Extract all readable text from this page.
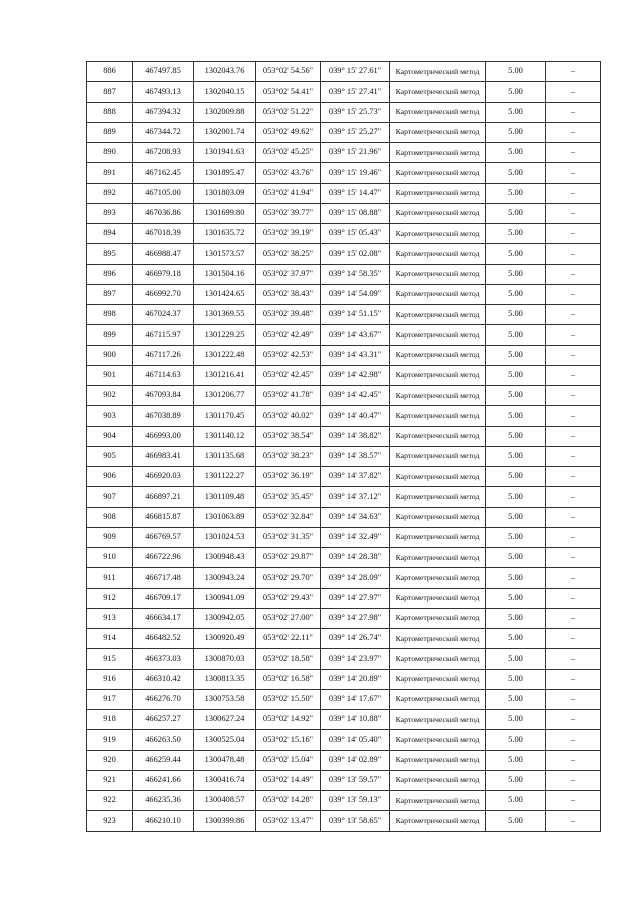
886	467497.85	1302043.76	053°02' 54.56"	039° 15' 27.61"	Картометрический метод	5.00	–
887	467493.13	1302040.15	053°02' 54.41"	039° 15' 27.41"	Картометрический метод	5.00	–
888	467394.32	1302009.88	053°02' 51.22"	039° 15' 25.73"	Картометрический метод	5.00	–
889	467344.72	1302001.74	053°02' 49.62"	039° 15' 25.27"	Картометрический метод	5.00	–
890	467208.93	1301941.63	053°02' 45.25"	039° 15' 21.96"	Картометрический метод	5.00	–
891	467162.45	1301895.47	053°02' 43.76"	039° 15' 19.46"	Картометрический метод	5.00	–
892	467105.00	1301803.09	053°02' 41.94"	039° 15' 14.47"	Картометрический метод	5.00	–
893	467036.86	1301699.80	053°02' 39.77"	039° 15' 08.88"	Картометрический метод	5.00	–
894	467018.39	1301635.72	053°02' 39.19"	039° 15' 05.43"	Картометрический метод	5.00	–
895	466988.47	1301573.57	053°02' 38.25"	039° 15' 02.08"	Картометрический метод	5.00	–
896	466979.18	1301504.16	053°02' 37.97"	039° 14' 58.35"	Картометрический метод	5.00	–
897	466992.70	1301424.65	053°02' 38.43"	039° 14' 54.09"	Картометрический метод	5.00	–
898	467024.37	1301369.55	053°02' 39.48"	039° 14' 51.15"	Картометрический метод	5.00	–
899	467115.97	1301229.25	053°02' 42.49"	039° 14' 43.67"	Картометрический метод	5.00	–
900	467117.26	1301222.48	053°02' 42.53"	039° 14' 43.31"	Картометрический метод	5.00	–
901	467114.63	1301216.41	053°02' 42.45"	039° 14' 42.98"	Картометрический метод	5.00	–
902	467093.84	1301206.77	053°02' 41.78"	039° 14' 42.45"	Картометрический метод	5.00	–
903	467038.89	1301170.45	053°02' 40.02"	039° 14' 40.47"	Картометрический метод	5.00	–
904	466993.00	1301140.12	053°02' 38.54"	039° 14' 38.82"	Картометрический метод	5.00	–
905	466983.41	1301135.68	053°02' 38.23"	039° 14' 38.57"	Картометрический метод	5.00	–
906	466920.03	1301122.27	053°02' 36.19"	039° 14' 37.82"	Картометрический метод	5.00	–
907	466897.21	1301109.48	053°02' 35.45"	039° 14' 37.12"	Картометрический метод	5.00	–
908	466815.87	1301063.89	053°02' 32.84"	039° 14' 34.63"	Картометрический метод	5.00	–
909	466769.57	1301024.53	053°02' 31.35"	039° 14' 32.49"	Картометрический метод	5.00	–
910	466722.96	1300948.43	053°02' 29.87"	039° 14' 28.38"	Картометрический метод	5.00	–
911	466717.48	1300943.24	053°02' 29.70"	039° 14' 28.09"	Картометрический метод	5.00	–
912	466709.17	1300941.09	053°02' 29.43"	039° 14' 27.97"	Картометрический метод	5.00	–
913	466634.17	1300942.05	053°02' 27.00"	039° 14' 27.98"	Картометрический метод	5.00	–
914	466482.52	1300920.49	053°02' 22.11"	039° 14' 26.74"	Картометрический метод	5.00	–
915	466373.03	1300870.03	053°02' 18.58"	039° 14' 23.97"	Картометрический метод	5.00	–
916	466310.42	1300813.35	053°02' 16.58"	039° 14' 20.89"	Картометрический метод	5.00	–
917	466276.70	1300753.58	053°02' 15.50"	039° 14' 17.67"	Картометрический метод	5.00	–
918	466257.27	1300627.24	053°02' 14.92"	039° 14' 10.88"	Картометрический метод	5.00	–
919	466263.50	1300525.04	053°02' 15.16"	039° 14' 05.40"	Картометрический метод	5.00	–
920	466259.44	1300478.48	053°02' 15.04"	039° 14' 02.89"	Картометрический метод	5.00	–
921	466241.66	1300416.74	053°02' 14.49"	039° 13' 59.57"	Картометрический метод	5.00	–
922	466235.36	1300408.57	053°02' 14.28"	039° 13' 59.13"	Картометрический метод	5.00	–
923	466210.10	1300399.86	053°02' 13.47"	039° 13' 58.65"	Картометрический метод	5.00	–
